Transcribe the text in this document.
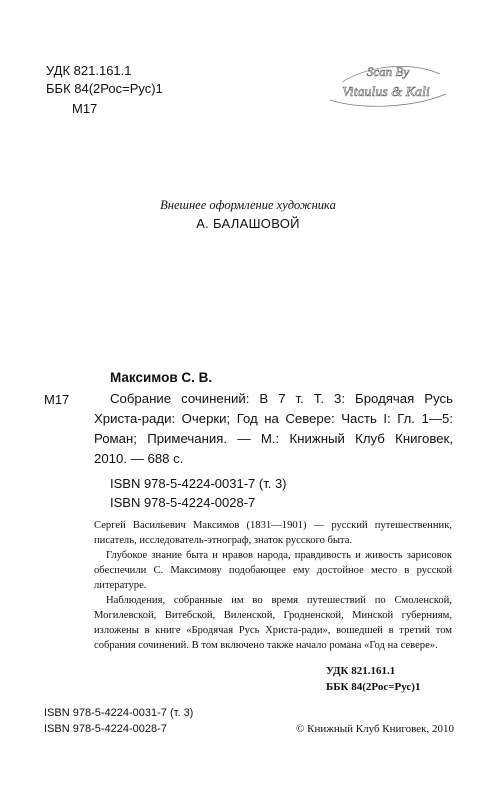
УДК 821.161.1
ББК 84(2Рос=Рус)1
М17
Scan By
Vitaulus & Kali
Внешнее оформление художника
А. БАЛАШОВОЙ
Максимов С. В.
М17	Собрание сочинений: В 7 т. Т. 3: Бродячая Русь
Христа-ради: Очерки; Год на Севере: Часть I: Гл. 1—5:
Роман; Примечания. — М.: Книжный Клуб Книговек,
2010. — 688 с.
ISBN 978-5-4224-0031-7 (т. 3)
ISBN 978-5-4224-0028-7

Сергей Васильевич Максимов (1831—1901) — русский путешественник, писатель, исследователь-этнограф, знаток русского быта.

Глубокое знание быта и нравов народа, правдивость и живость зарисовок обеспечили С. Максимову подобающее ему достойное место в русской литературе.

Наблюдения, собранные им во время путешествий по Смоленской, Могилевской, Витебской, Виленской, Гродненской, Минской губерниям, изложены в книге «Бродячая Русь Христа-ради», вошедшей в третий том собрания сочинений. В том включено также начало романа «Год на севере».

УДК 821.161.1
ББК 84(2Рос=Рус)1
ISBN 978-5-4224-0031-7 (т. 3)
ISBN 978-5-4224-0028-7	© Книжный Клуб Книговек, 2010
